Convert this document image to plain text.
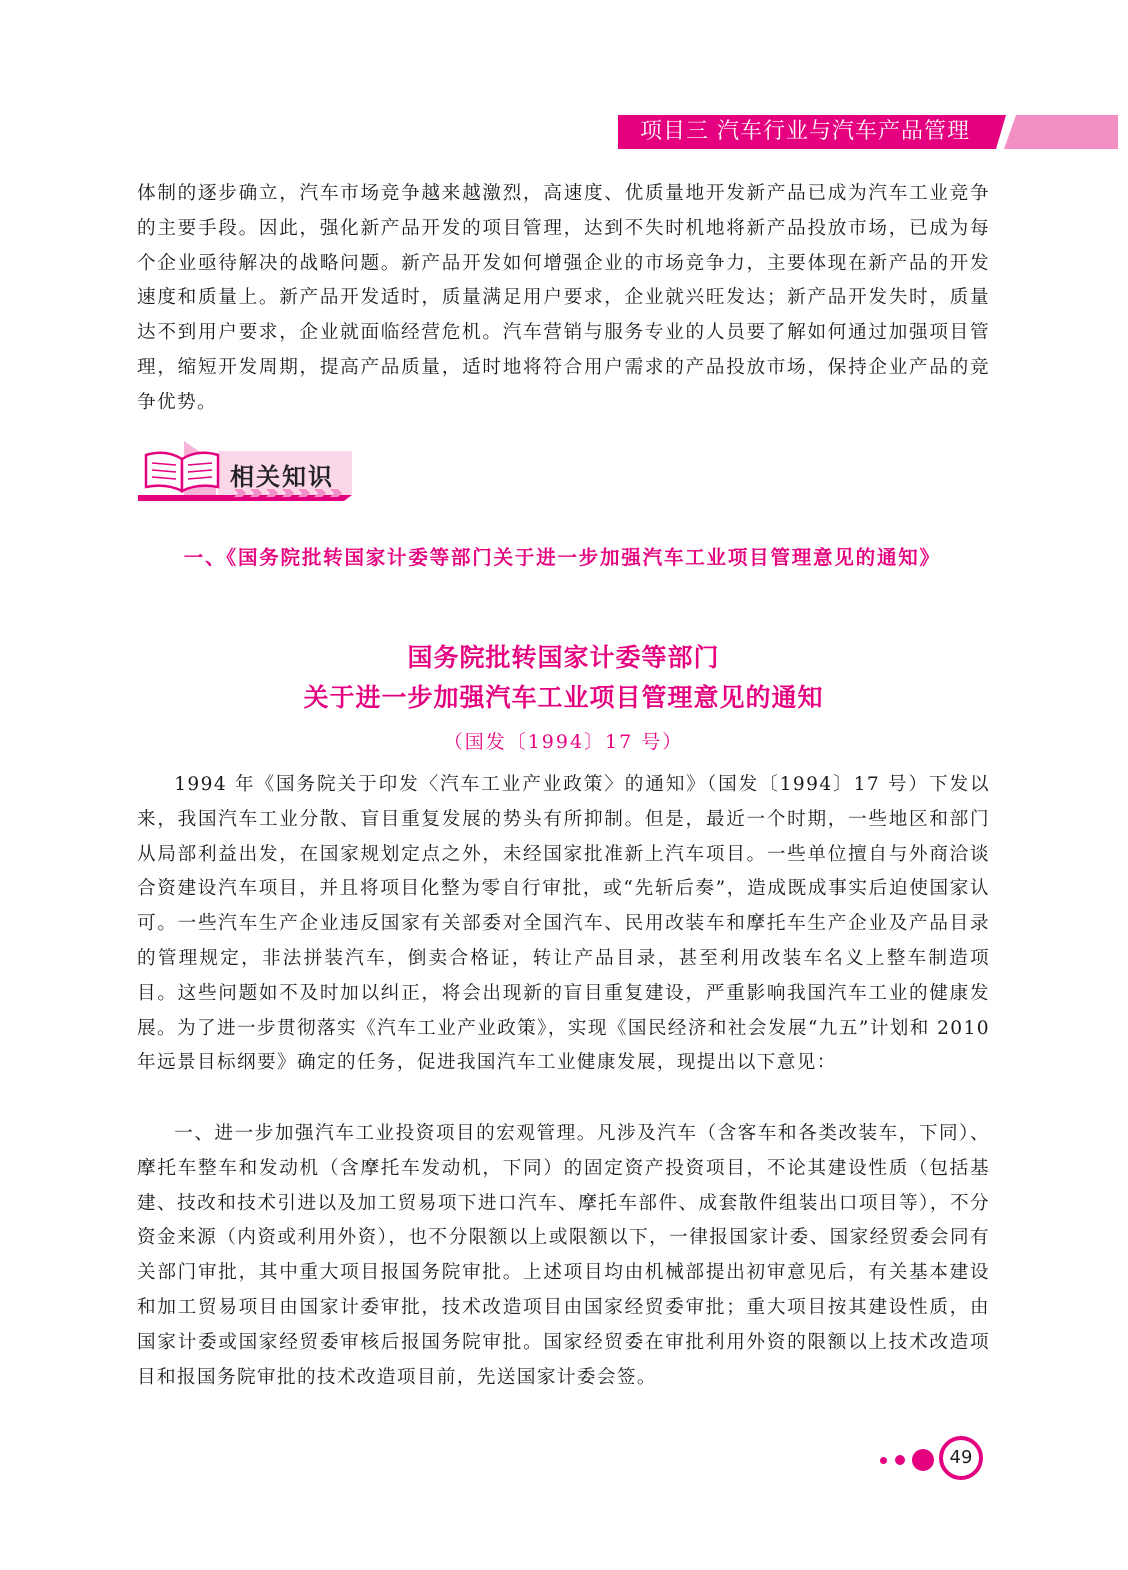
项目三 汽车行业与汽车产品管理

体制的逐步确立，汽车市场竞争越来越激烈，高速度、优质量地开发新产品已成为汽车工业竞争的主要手段。因此，强化新产品开发的项目管理，达到不失时机地将新产品投放市场，已成为每个企业亟待解决的战略问题。新产品开发如何增强企业的市场竞争力，主要体现在新产品的开发速度和质量上。新产品开发适时，质量满足用户要求，企业就兴旺发达；新产品开发失时，质量达不到用户要求，企业就面临经营危机。汽车营销与服务专业的人员要了解如何通过加强项目管理，缩短开发周期，提高产品质量，适时地将符合用户需求的产品投放市场，保持企业产品的竞争优势。

相关知识

一、《国务院批转国家计委等部门关于进一步加强汽车工业项目管理意见的通知》

国务院批转国家计委等部门

关于进一步加强汽车工业项目管理意见的通知

（国发〔1994〕17 号）

1994 年《国务院关于印发〈汽车工业产业政策〉的通知》（国发〔1994〕17 号）下发以来，我国汽车工业分散、盲目重复发展的势头有所抑制。但是，最近一个时期，一些地区和部门从局部利益出发，在国家规划定点之外，未经国家批准新上汽车项目。一些单位擅自与外商洽谈合资建设汽车项目，并且将项目化整为零自行审批，或“先斩后奏”，造成既成事实后迫使国家认可。一些汽车生产企业违反国家有关部委对全国汽车、民用改装车和摩托车生产企业及产品目录的管理规定，非法拼装汽车，倒卖合格证，转让产品目录，甚至利用改装车名义上整车制造项目。这些问题如不及时加以纠正，将会出现新的盲目重复建设，严重影响我国汽车工业的健康发展。为了进一步贯彻落实《汽车工业产业政策》，实现《国民经济和社会发展“九五”计划和 2010 年远景目标纲要》确定的任务，促进我国汽车工业健康发展，现提出以下意见：

一、进一步加强汽车工业投资项目的宏观管理。凡涉及汽车（含客车和各类改装车，下同）、摩托车整车和发动机（含摩托车发动机，下同）的固定资产投资项目，不论其建设性质（包括基建、技改和技术引进以及加工贸易项下进口汽车、摩托车部件、成套散件组装出口项目等），不分资金来源（内资或利用外资），也不分限额以上或限额以下，一律报国家计委、国家经贸委会同有关部门审批，其中重大项目报国务院审批。上述项目均由机械部提出初审意见后，有关基本建设和加工贸易项目由国家计委审批，技术改造项目由国家经贸委审批；重大项目按其建设性质，由国家计委或国家经贸委审核后报国务院审批。国家经贸委在审批利用外资的限额以上技术改造项目和报国务院审批的技术改造项目前，先送国家计委会签。

49
